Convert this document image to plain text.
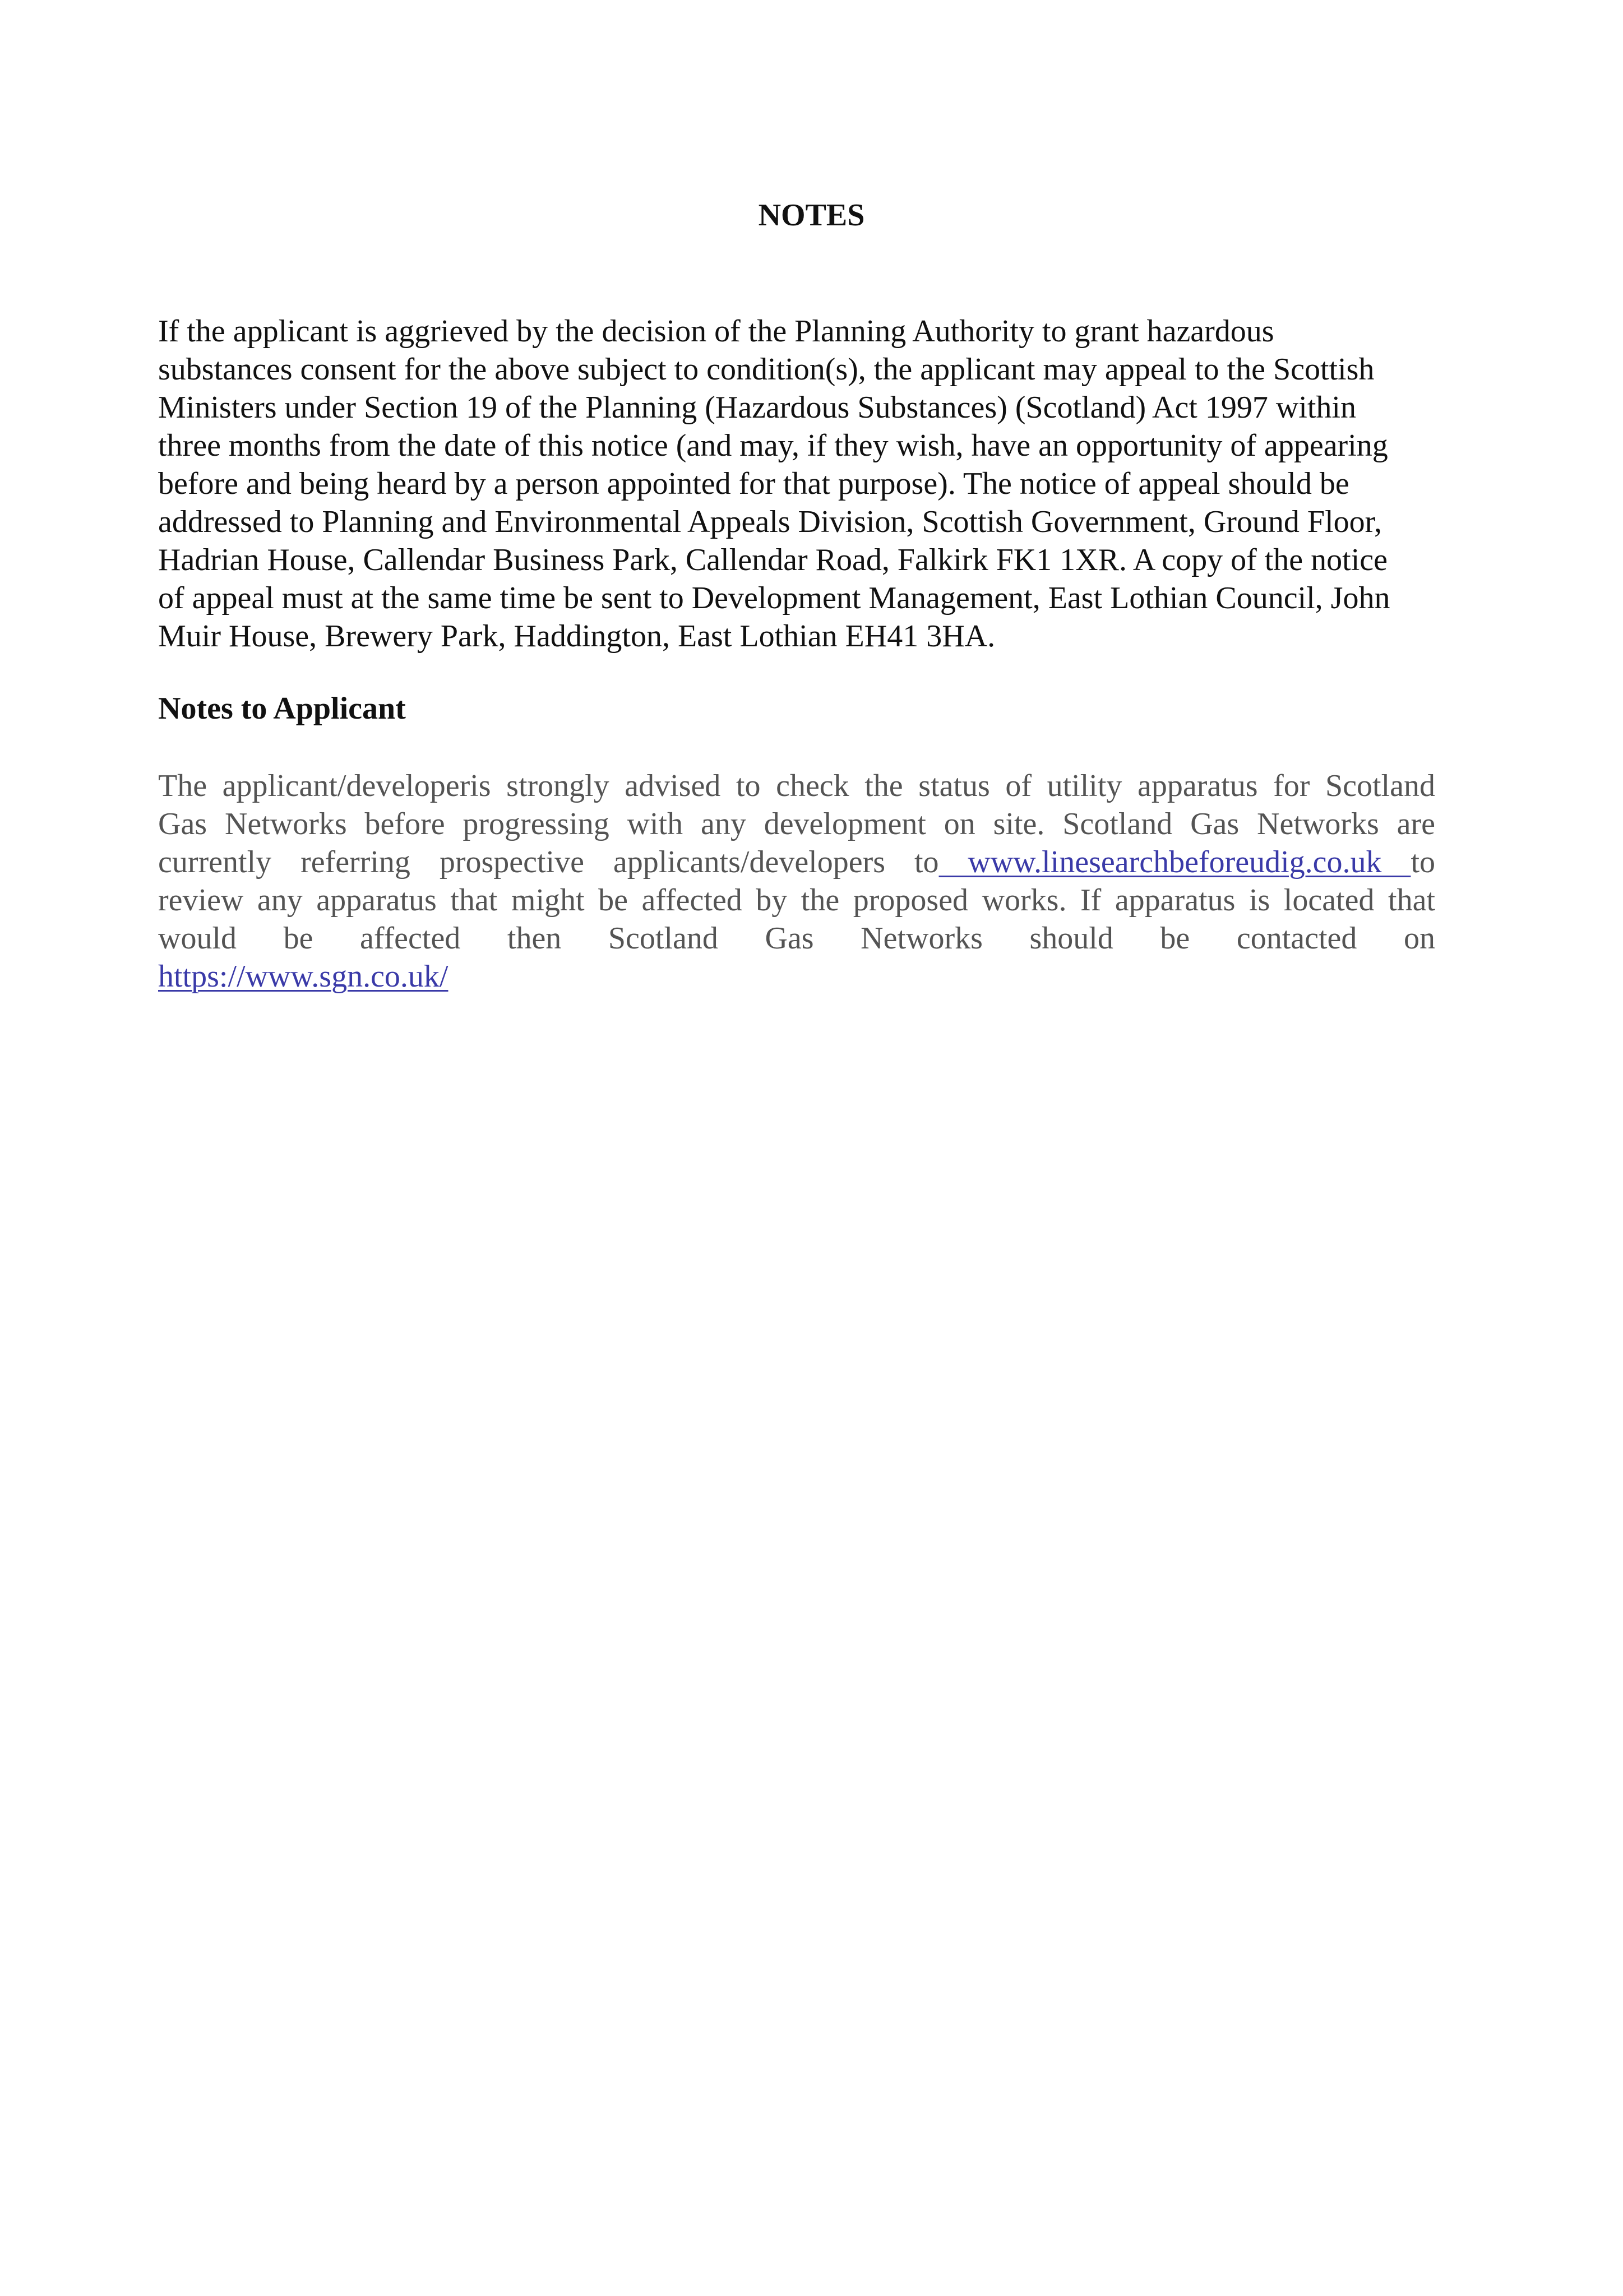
NOTES

If the applicant is aggrieved by the decision of the Planning Authority to grant hazardous
substances consent for the above subject to condition(s), the applicant may appeal to the Scottish
Ministers under Section 19 of the Planning (Hazardous Substances) (Scotland) Act 1997 within
three months from the date of this notice (and may, if they wish, have an opportunity of appearing
before and being heard by a person appointed for that purpose). The notice of appeal should be
addressed to Planning and Environmental Appeals Division, Scottish Government, Ground Floor,
Hadrian House, Callendar Business Park, Callendar Road, Falkirk FK1 1XR. A copy of the notice
of appeal must at the same time be sent to Development Management, East Lothian Council, John
Muir House, Brewery Park, Haddington, East Lothian EH41 3HA.

Notes to Applicant

The applicant/developeris strongly advised to check the status of utility apparatus for Scotland
Gas Networks before progressing with any development on site. Scotland Gas Networks are
currently referring prospective applicants/developers to www.linesearchbeforeudig.co.uk to
review any apparatus that might be affected by the proposed works. If apparatus is located that
would be affected then Scotland Gas Networks should be contacted on
https://www.sgn.co.uk/
